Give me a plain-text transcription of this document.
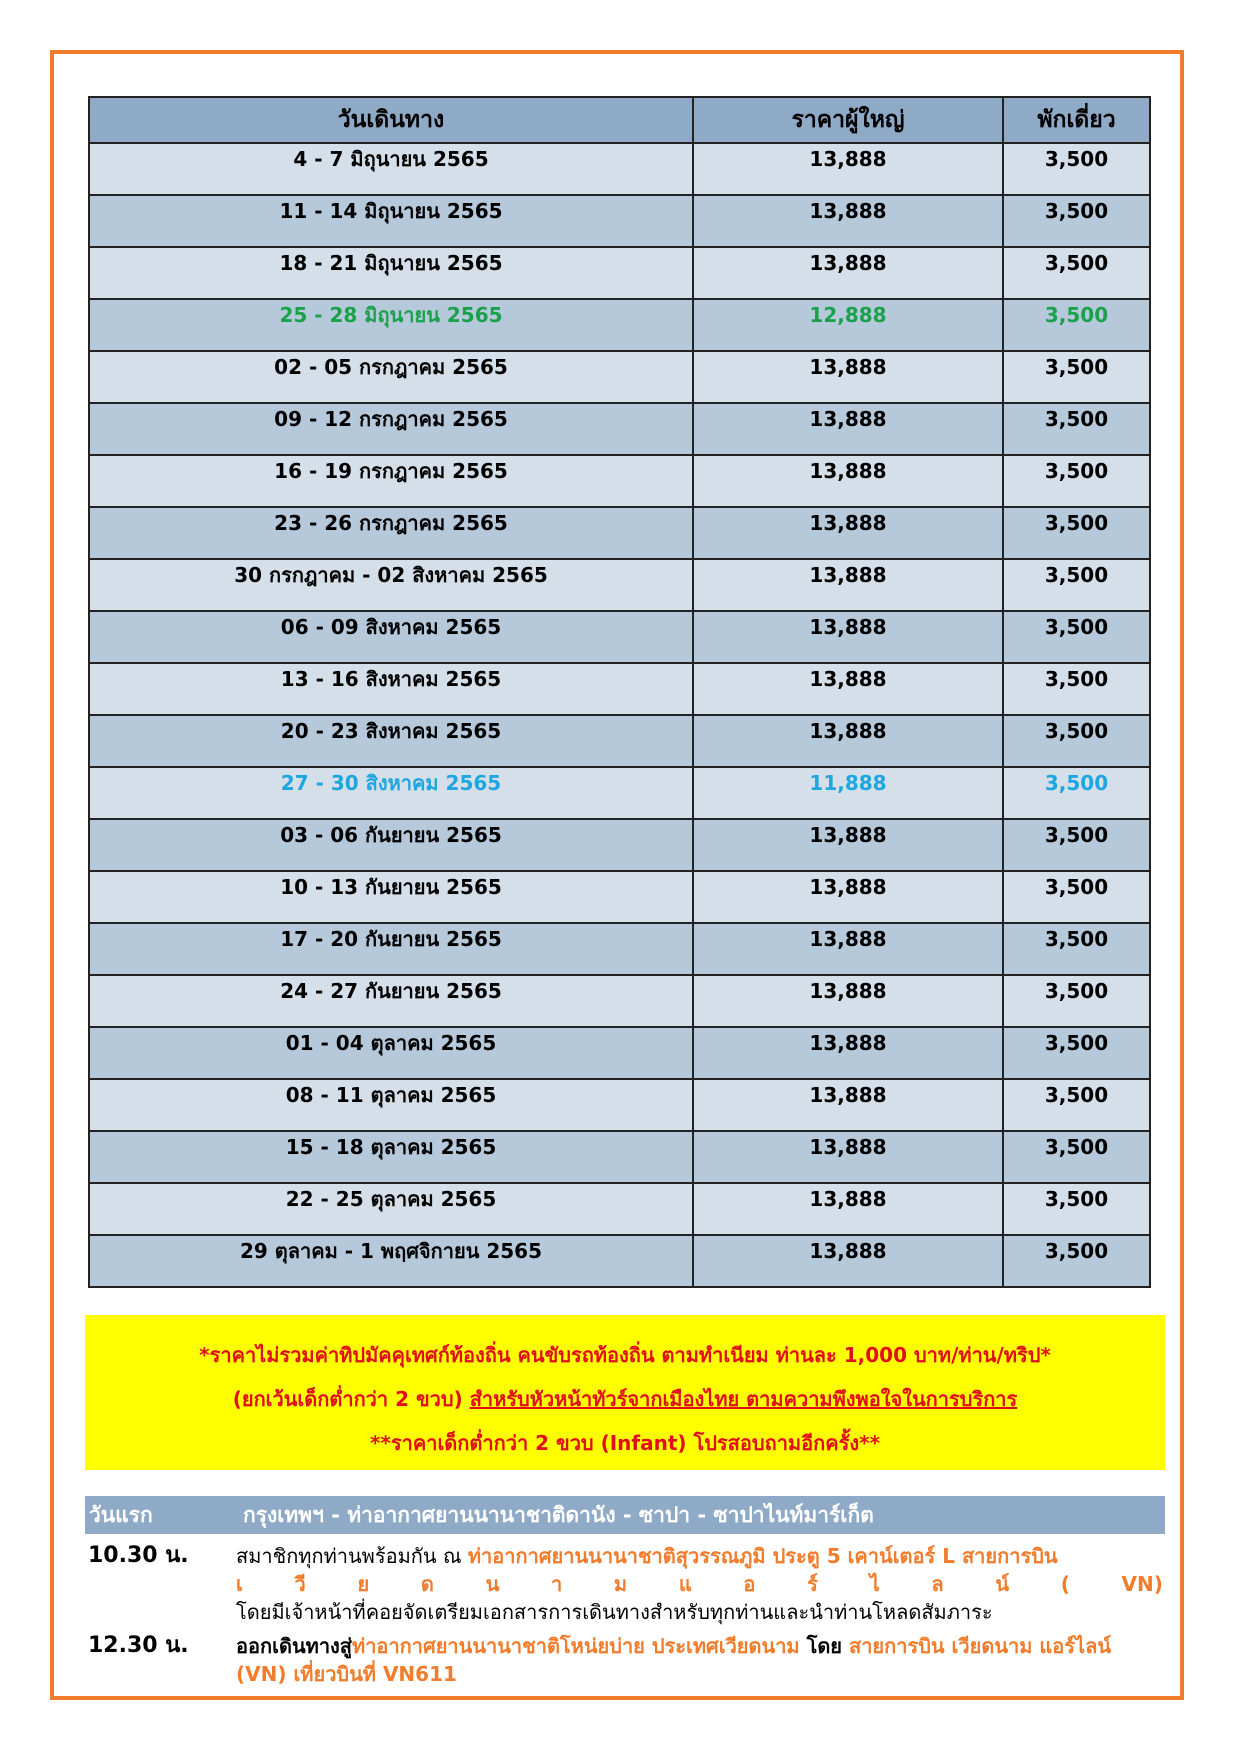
วันเดินทาง	ราคาผู้ใหญ่	พักเดี่ยว
4 - 7 มิถุนายน 2565	13,888	3,500
11 - 14 มิถุนายน 2565	13,888	3,500
18 - 21 มิถุนายน 2565	13,888	3,500
25 - 28 มิถุนายน 2565	12,888	3,500
02 - 05 กรกฎาคม 2565	13,888	3,500
09 - 12 กรกฎาคม 2565	13,888	3,500
16 - 19 กรกฎาคม 2565	13,888	3,500
23 - 26 กรกฎาคม 2565	13,888	3,500
30 กรกฎาคม - 02 สิงหาคม 2565	13,888	3,500
06 - 09 สิงหาคม 2565	13,888	3,500
13 - 16 สิงหาคม 2565	13,888	3,500
20 - 23 สิงหาคม 2565	13,888	3,500
27 - 30 สิงหาคม 2565	11,888	3,500
03 - 06 กันยายน 2565	13,888	3,500
10 - 13 กันยายน 2565	13,888	3,500
17 - 20 กันยายน 2565	13,888	3,500
24 - 27 กันยายน 2565	13,888	3,500
01 - 04 ตุลาคม 2565	13,888	3,500
08 - 11 ตุลาคม 2565	13,888	3,500
15 - 18 ตุลาคม 2565	13,888	3,500
22 - 25 ตุลาคม 2565	13,888	3,500
29 ตุลาคม - 1 พฤศจิกายน 2565	13,888	3,500

*ราคาไม่รวมค่าทิปมัคคุเทศก์ท้องถิ่น คนขับรถท้องถิ่น ตามทำเนียม ท่านละ 1,000 บาท/ท่าน/ทริป*

(ยกเว้นเด็กต่ำกว่า 2 ขวบ) สำหรับหัวหน้าทัวร์จากเมืองไทย ตามความพึงพอใจในการบริการ

**ราคาเด็กต่ำกว่า 2 ขวบ (Infant) โปรสอบถามอีกครั้ง**

วันแรก	กรุงเทพฯ - ท่าอากาศยานนานาชาติดานัง - ซาปา - ซาปาไนท์มาร์เก็ต
10.30 น. สมาชิกทุกท่านพร้อมกัน ณ ท่าอากาศยานนานาชาติสุวรรณภูมิ ประตู 5 เคาน์เตอร์ L สายการบิน
เ	วี	ย	ด	น	า	ม	แ	อ	ร์	ไ	ล	น์	(	VN)
โดยมีเจ้าหน้าที่คอยจัดเตรียมเอกสารการเดินทางสำหรับทุกท่านและนำท่านโหลดสัมภาระ
12.30 น. ออกเดินทางสู่ท่าอากาศยานนานาชาติโหน่ยบ่าย ประเทศเวียดนาม โดย สายการบิน เวียดนาม แอร์ไลน์ (VN) เที่ยวบินที่ VN611
